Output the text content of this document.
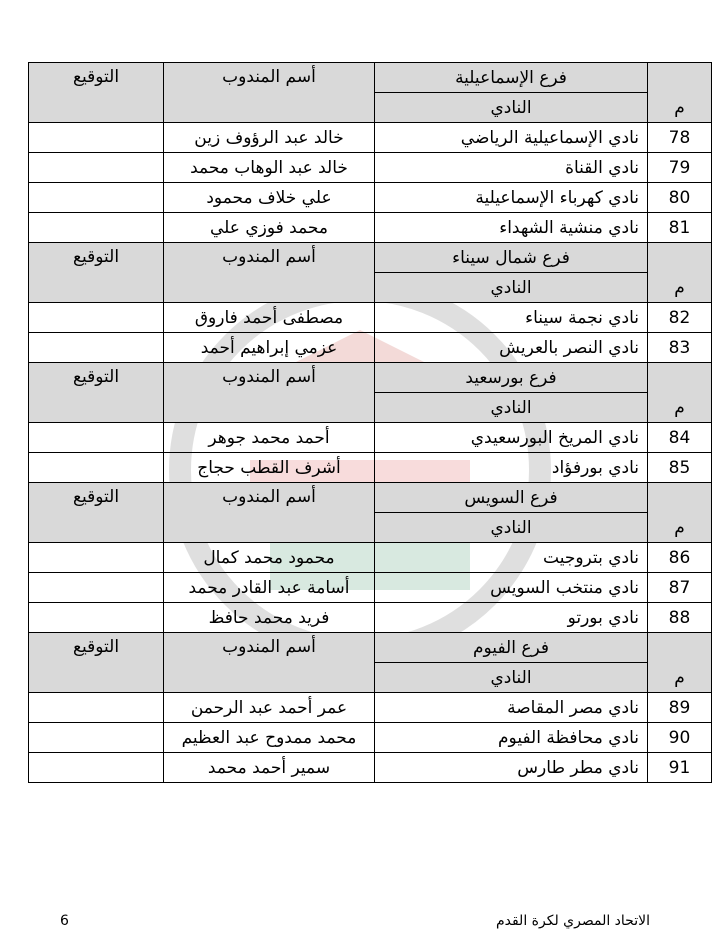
م	فرع الإسماعيلية	أسم المندوب	التوقيع
	النادي		
78	نادي الإسماعيلية الرياضي	خالد عبد الرؤوف زين	
79	نادي القناة	خالد عبد الوهاب محمد	
80	نادي كهرباء الإسماعيلية	علي خلاف محمود	
81	نادي منشية الشهداء	محمد فوزي علي	
م	فرع شمال سيناء	أسم المندوب	التوقيع
	النادي		
82	نادي نجمة سيناء	مصطفى أحمد فاروق	
83	نادي النصر بالعريش	عزمي إبراهيم أحمد	
م	فرع بورسعيد	أسم المندوب	التوقيع
	النادي		
84	نادي المريخ البورسعيدي	أحمد محمد جوهر	
85	نادي بورفؤاد	أشرف القطب حجاج	
م	فرع السويس	أسم المندوب	التوقيع
	النادي		
86	نادي بتروجيت	محمود محمد كمال	
87	نادي منتخب السويس	أسامة عبد القادر محمد	
88	نادي بورتو	فريد محمد حافظ	
م	فرع الفيوم	أسم المندوب	التوقيع
	النادي		
89	نادي مصر المقاصة	عمر أحمد عبد الرحمن	
90	نادي محافظة الفيوم	محمد ممدوح عبد العظيم	
91	نادي مطر طارس	سمير أحمد محمد	
الاتحاد المصري لكرة القدم
6
